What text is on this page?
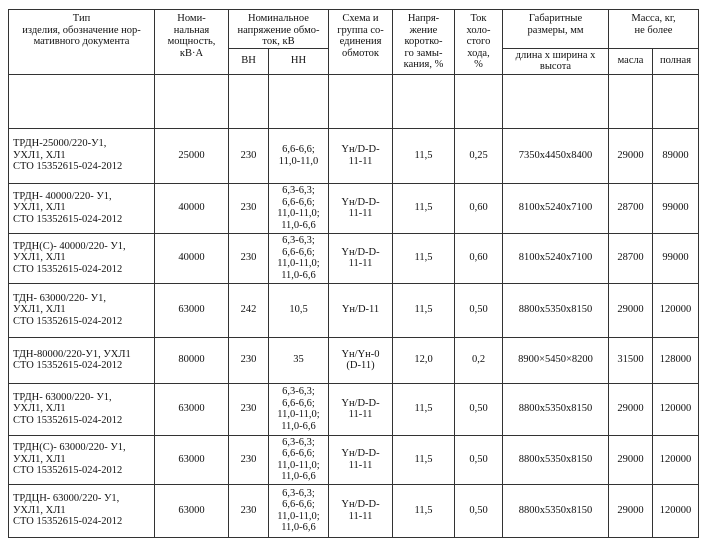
Тип
изделия, обозначение нор-
мативного документа	Номи-
нальная
мощность,
кВ·А	Номинальное
напряжение обмо-
ток, кВ		Схема и
группа со-
единения
обмоток	Напря-
жение
коротко-
го замы-
кания, %	Ток
холо-
стого
хода,
%	Габаритные
размеры, мм	Масса, кг,
не более	
		ВН	НН				длина х ширина х
высота	масла	полная

ТРДН-25000/220-У1,
УХЛ1, ХЛ1
СТО 15352615-024-2012	25000	230	6,6-6,6;
11,0-11,0	Yн/D-D-
11-11	11,5	0,25	7350х4450х8400	29000	89000
ТРДН- 40000/220- У1,
УХЛ1, ХЛ1
СТО 15352615-024-2012	40000	230	6,3-6,3;
6,6-6,6;
11,0-11,0;
11,0-6,6	Yн/D-D-
11-11	11,5	0,60	8100х5240х7100	28700	99000
ТРДН(С)- 40000/220- У1,
УХЛ1, ХЛ1
СТО 15352615-024-2012	40000	230	6,3-6,3;
6,6-6,6;
11,0-11,0;
11,0-6,6	Yн/D-D-
11-11	11,5	0,60	8100х5240х7100	28700	99000
ТДН- 63000/220- У1,
УХЛ1, ХЛ1
СТО 15352615-024-2012	63000	242	10,5	Yн/D-11	11,5	0,50	8800х5350х8150	29000	120000
ТДН-80000/220-У1, УХЛ1
СТО 15352615-024-2012	80000	230	35	Yн/Yн-0
(D-11)	12,0	0,2	8900×5450×8200	31500	128000
ТРДН- 63000/220- У1,
УХЛ1, ХЛ1
СТО 15352615-024-2012	63000	230	6,3-6,3;
6,6-6,6;
11,0-11,0;
11,0-6,6	Yн/D-D-
11-11	11,5	0,50	8800х5350х8150	29000	120000
ТРДН(С)- 63000/220- У1,
УХЛ1, ХЛ1
СТО 15352615-024-2012	63000	230	6,3-6,3;
6,6-6,6;
11,0-11,0;
11,0-6,6	Yн/D-D-
11-11	11,5	0,50	8800х5350х8150	29000	120000
ТРДЦН- 63000/220- У1,
УХЛ1, ХЛ1
СТО 15352615-024-2012	63000	230	6,3-6,3;
6,6-6,6;
11,0-11,0;
11,0-6,6	Yн/D-D-
11-11	11,5	0,50	8800х5350х8150	29000	120000
